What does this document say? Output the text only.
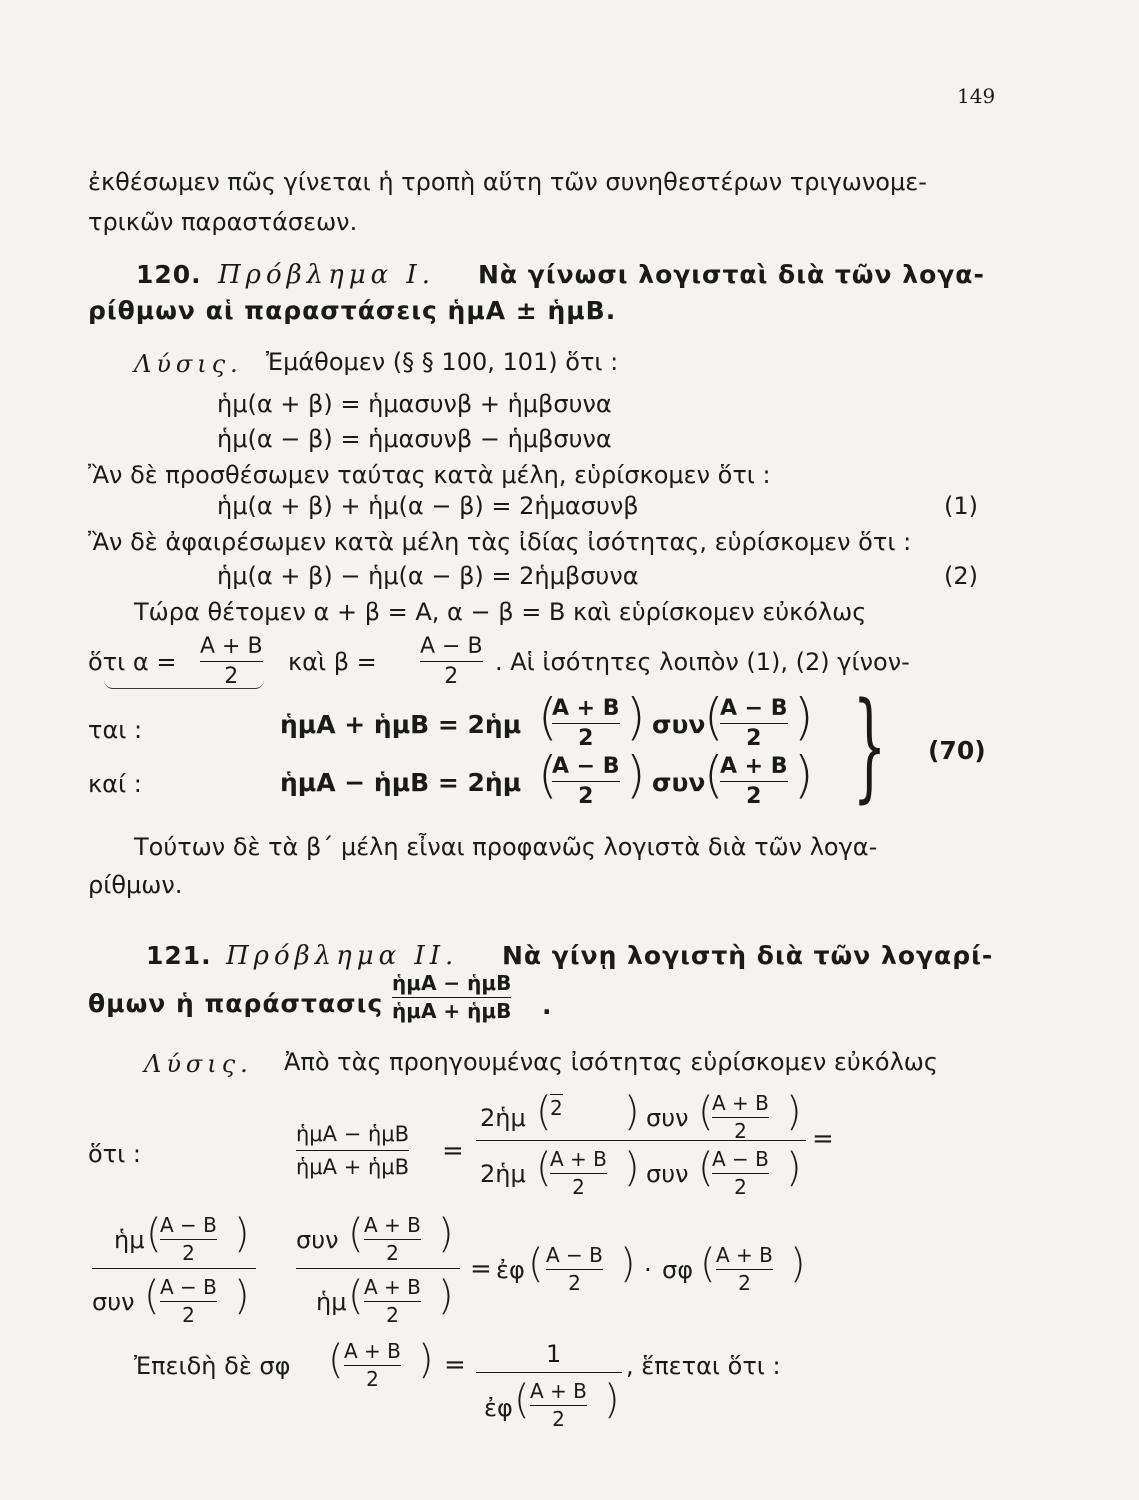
149
ἐκθέσωμεν πῶς γίνεται ἡ τροπὴ αὕτη τῶν συνηθεστέρων τριγωνομε-
τρικῶν παραστάσεων.
120. Πρόβλημα Ι. Νὰ γίνωσι λογισταὶ διὰ τῶν λογα-
ρίθμων αἱ παραστάσεις ἡμΑ ± ἡμΒ.
Λύσις. Ἐμάθομεν (§ § 100, 101) ὅτι :
ἡμ(α + β) = ἡμασυνβ + ἡμβσυνα
ἡμ(α − β) = ἡμασυνβ − ἡμβσυνα
Ἂν δὲ προσθέσωμεν ταύτας κατὰ μέλη, εὑρίσκομεν ὅτι :
ἡμ(α + β) + ἡμ(α − β) = 2ἡμασυνβ	(1)
Ἂν δὲ ἀφαιρέσωμεν κατὰ μέλη τὰς ἰδίας ἰσότητας, εὑρίσκομεν ὅτι :
ἡμ(α + β) − ἡμ(α − β) = 2ἡμβσυνα	(2)
Τώρα θέτομεν α + β = Α, α − β = Β καὶ εὑρίσκομεν εὐκόλως
ὅτι α =
Α + Β
2
καὶ β =
Α − Β
2
. Αἱ ἰσότητες λοιπὸν (1), (2) γίνον-
ται :
καί :
ἡμΑ + ἡμΒ = 2ἡμ (
Α + Β
2 ) συν
(
Α − Β
2 )
ἡμΑ − ἡμΒ = 2ἡμ (
Α − Β
2 ) συν
(
Α + Β
2 ) } (70)
Τούτων δὲ τὰ β΄ μέλη εἶναι προφανῶς λογιστὰ διὰ τῶν λογα-
ρίθμων.
121. Πρόβλημα ΙΙ. Νὰ γίνῃ λογιστὴ διὰ τῶν λογαρί-
θμων ἡ παράστασις
ἡμΑ − ἡμΒ
ἡμΑ + ἡμΒ .
Λύσις. Ἀπὸ τὰς προηγουμένας ἰσότητας εὑρίσκομεν εὐκόλως
ὅτι :
ἡμΑ − ἡμΒ
ἡμΑ + ἡμΒ
=
2ἡμ (
2 ) συν (
Α + Β
2 )
=
2ἡμ (
Α + Β
2 ) συν (
Α − Β
2 )
ἡμ (
Α − Β
2 )
συν ( Α − Β
2 )
συν ( Α + Β
2 )
ἡμ ( Α + Β
2 )
= ἐφ ( Α − Β
2 ) · σφ ( Α + Β
2 )
Ἐπειδὴ δὲ σφ ( Α + Β
2 ) =	1
ἐφ ( Α + Β
2 )
, ἕπεται ὅτι :
